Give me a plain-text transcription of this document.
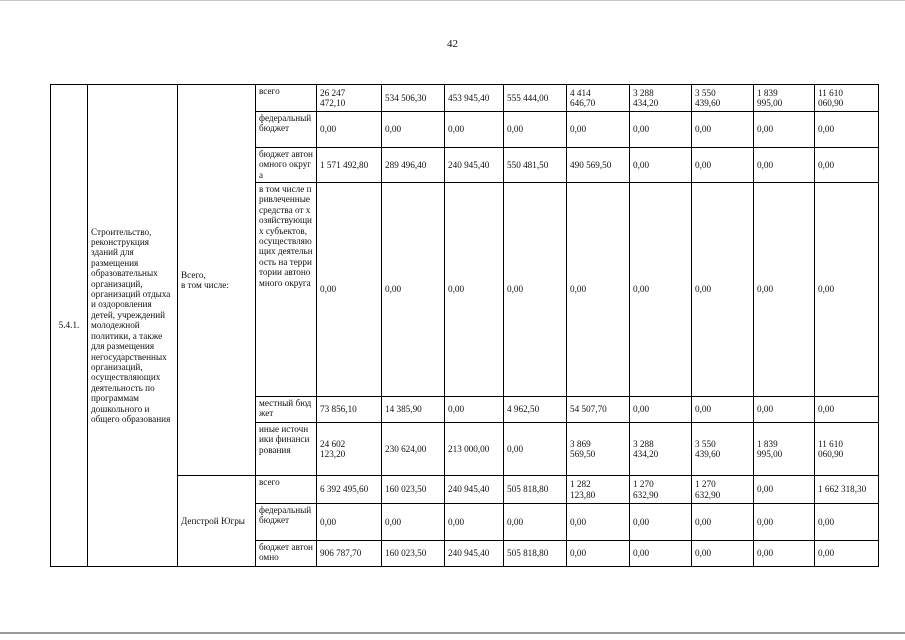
42
5.4.1.	Строительство, реконструкция зданий для размещения образовательных организаций, организаций отдыха и оздоровления детей, учреждений молодежной политики, а также для размещения негосударственных организаций, осуществляющих деятельность по программам дошкольного и общего образования	Всего,
в том числе:	всего	26 247
472,10	534 506,30	453 945,40	555 444,00	4 414
646,70	3 288
434,20	3 550
439,60	1 839
995,00	11 610
060,90
			федеральный бюджет	0,00	0,00	0,00	0,00	0,00	0,00	0,00	0,00	0,00
			бюджет автономного округа	1 571 492,80	289 496,40	240 945,40	550 481,50	490 569,50	0,00	0,00	0,00	0,00
			в том числе привлеченные средства от хозяйствующих субъектов, осуществляющих деятельность на территории автономного округа	0,00	0,00	0,00	0,00	0,00	0,00	0,00	0,00	0,00
			местный бюджет	73 856,10	14 385,90	0,00	4 962,50	54 507,70	0,00	0,00	0,00	0,00
			иные источники финансирования	24 602
123,20	230 624,00	213 000,00	0,00	3 869
569,50	3 288
434,20	3 550
439,60	1 839
995,00	11 610
060,90
		Депстрой Югры	всего	6 392 495,60	160 023,50	240 945,40	505 818,80	1 282
123,80	1 270
632,90	1 270
632,90	0,00	1 662 318,30
			федеральный бюджет	0,00	0,00	0,00	0,00	0,00	0,00	0,00	0,00	0,00
			бюджет автономно	906 787,70	160 023,50	240 945,40	505 818,80	0,00	0,00	0,00	0,00	0,00
